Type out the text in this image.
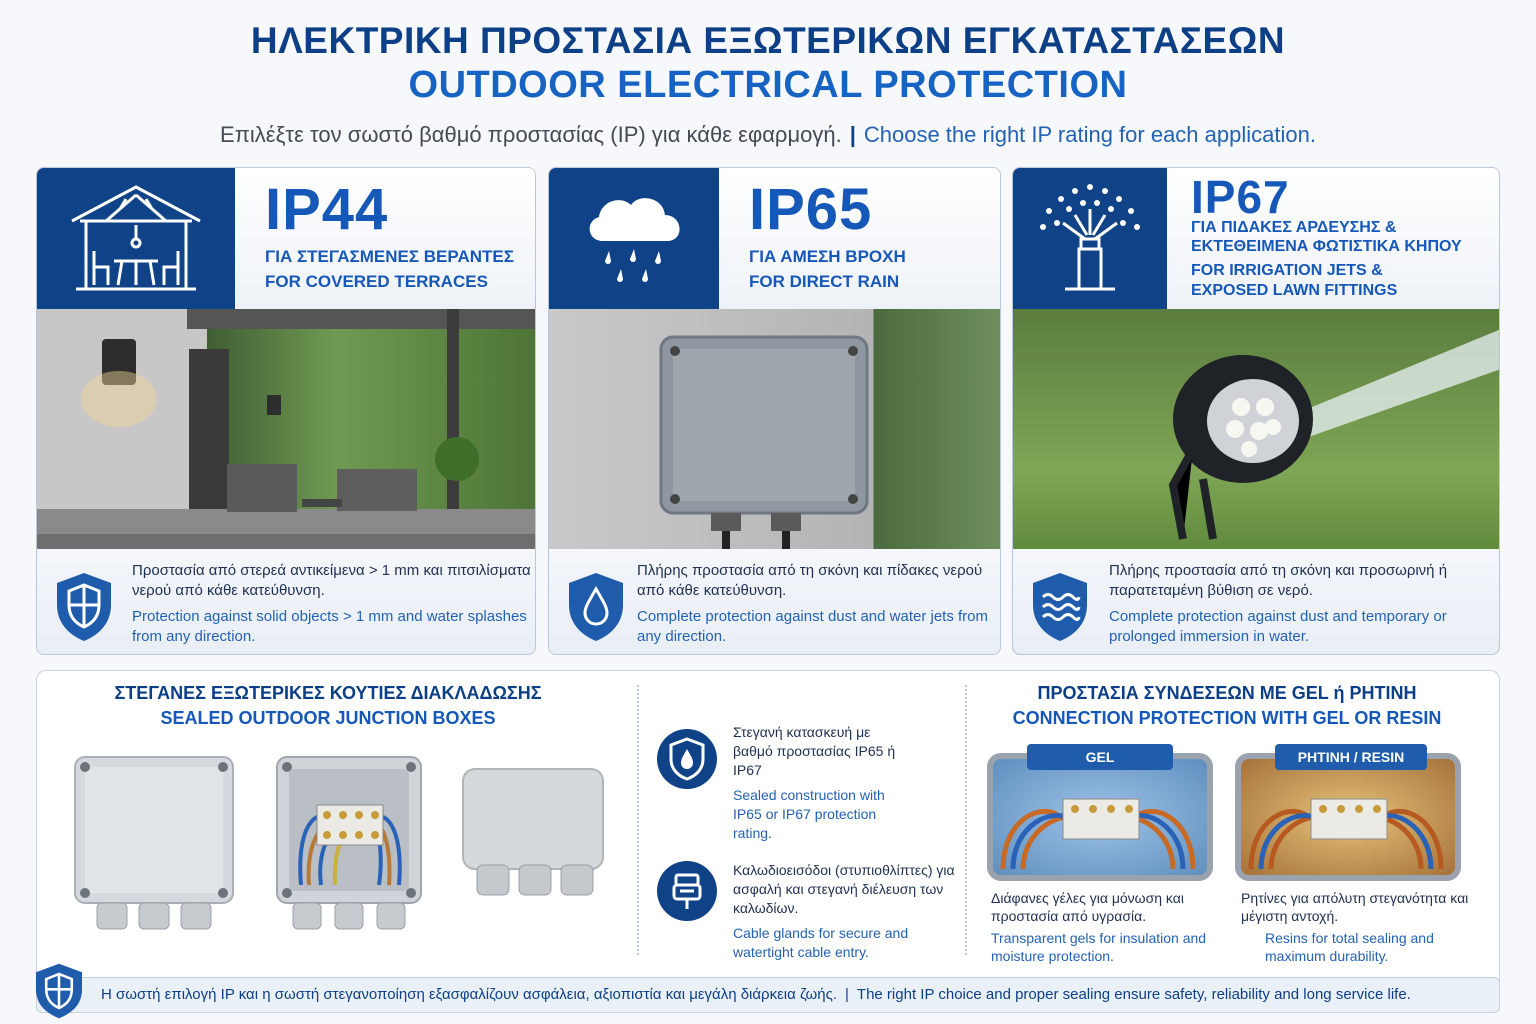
ΗΛΕΚΤΡΙΚΗ ΠΡΟΣΤΑΣΙΑ ΕΞΩΤΕΡΙΚΩΝ ΕΓΚΑΤΑΣΤΑΣΕΩΝ
OUTDOOR ELECTRICAL PROTECTION
Επιλέξτε τον σωστό βαθμό προστασίας (IP) για κάθε εφαρμογή. | Choose the right IP rating for each application.
IP44
ΓΙΑ ΣΤΕΓΑΣΜΕΝΕΣ ΒΕΡΑΝΤΕΣ
FOR COVERED TERRACES
Προστασία από στερεά αντικείμενα > 1 mm και πιτσιλίσματα νερού από κάθε κατεύθυνση.
Protection against solid objects > 1 mm and water splashes from any direction.
IP65
ΓΙΑ ΑΜΕΣΗ ΒΡΟΧΗ
FOR DIRECT RAIN
Πλήρης προστασία από τη σκόνη και πίδακες νερού από κάθε κατεύθυνση.
Complete protection against dust and water jets from any direction.
IP67
ΓΙΑ ΠΙΔΑΚΕΣ ΑΡΔΕΥΣΗΣ & ΕΚΤΕΘΕΙΜΕΝΑ ΦΩΤΙΣΤΙΚΑ ΚΗΠΟΥ
FOR IRRIGATION JETS & EXPOSED LAWN FITTINGS
Πλήρης προστασία από τη σκόνη και προσωρινή ή παρατεταμένη βύθιση σε νερό.
Complete protection against dust and temporary or prolonged immersion in water.
ΣΤΕΓΑΝΕΣ ΕΞΩΤΕΡΙΚΕΣ ΚΟΥΤΙΕΣ ΔΙΑΚΛΑΔΩΣΗΣ
SEALED OUTDOOR JUNCTION BOXES
Στεγανή κατασκευή με βαθμό προστασίας IP65 ή IP67
Sealed construction with IP65 or IP67 protection rating.
Καλωδιοεισόδοι (στυπιοθλίπτες) για ασφαλή και στεγανή διέλευση των καλωδίων.
Cable glands for secure and watertight cable entry.
ΠΡΟΣΤΑΣΙΑ ΣΥΝΔΕΣΕΩΝ ΜΕ GEL ή ΡΗΤΙΝΗ
CONNECTION PROTECTION WITH GEL OR RESIN
GEL
Διάφανες γέλες για μόνωση και προστασία από υγρασία.
Transparent gels for insulation and moisture protection.
ΡΗΤΙΝΗ / RESIN
Ρητίνες για απόλυτη στεγανότητα και μέγιστη αντοχή.
Resins for total sealing and maximum durability.
Η σωστή επιλογή IP και η σωστή στεγανοποίηση εξασφαλίζουν ασφάλεια, αξιοπιστία και μεγάλη διάρκεια ζωής. | The right IP choice and proper sealing ensure safety, reliability and long service life.
